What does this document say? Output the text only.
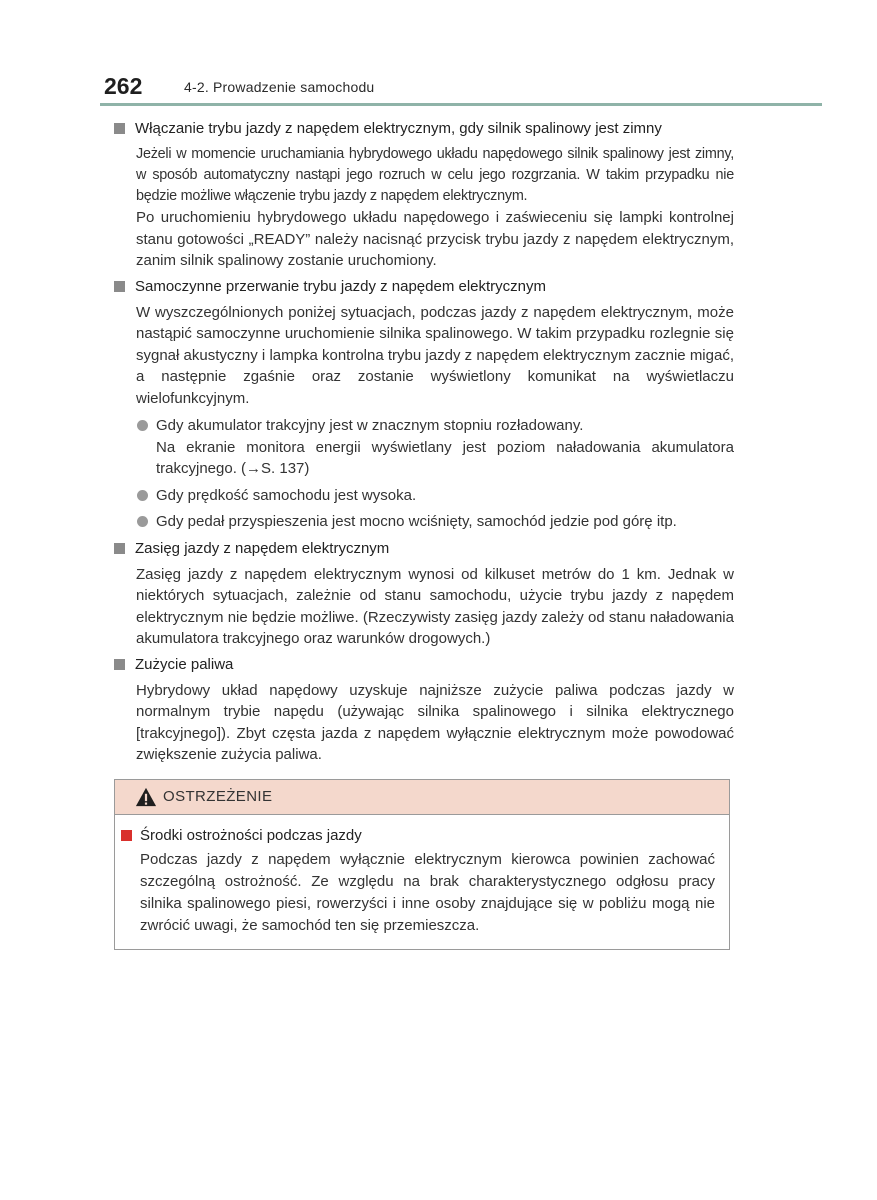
262	4-2. Prowadzenie samochodu
Włączanie trybu jazdy z napędem elektrycznym, gdy silnik spalinowy jest zimny

Jeżeli w momencie uruchamiania hybrydowego układu napędowego silnik spalinowy jest zimny, w sposób automatyczny nastąpi jego rozruch w celu jego rozgrzania. W takim przypadku nie będzie możliwe włączenie trybu jazdy z napędem elektrycznym.

Po uruchomieniu hybrydowego układu napędowego i zaświeceniu się lampki kontrolnej stanu gotowości „READY” należy nacisnąć przycisk trybu jazdy z napędem elektrycznym, zanim silnik spalinowy zostanie uruchomiony.

Samoczynne przerwanie trybu jazdy z napędem elektrycznym

W wyszczególnionych poniżej sytuacjach, podczas jazdy z napędem elektrycznym, może nastąpić samoczynne uruchomienie silnika spalinowego. W takim przypadku rozlegnie się sygnał akustyczny i lampka kontrolna trybu jazdy z napędem elektrycznym zacznie migać, a następnie zgaśnie oraz zostanie wyświetlony komunikat na wyświetlaczu wielofunkcyjnym.

Gdy akumulator trakcyjny jest w znacznym stopniu rozładowany.
Na ekranie monitora energii wyświetlany jest poziom naładowania akumulatora trakcyjnego. (→S. 137)
Gdy prędkość samochodu jest wysoka.
Gdy pedał przyspieszenia jest mocno wciśnięty, samochód jedzie pod górę itp.
Zasięg jazdy z napędem elektrycznym

Zasięg jazdy z napędem elektrycznym wynosi od kilkuset metrów do 1 km. Jednak w niektórych sytuacjach, zależnie od stanu samochodu, użycie trybu jazdy z napędem elektrycznym nie będzie możliwe. (Rzeczywisty zasięg jazdy zależy od stanu naładowania akumulatora trakcyjnego oraz warunków drogowych.)

Zużycie paliwa

Hybrydowy układ napędowy uzyskuje najniższe zużycie paliwa podczas jazdy w normalnym trybie napędu (używając silnika spalinowego i silnika elektrycznego [trakcyjnego]). Zbyt częsta jazda z napędem wyłącznie elektrycznym może powodować zwiększenie zużycia paliwa.

OSTRZEŻENIE
Środki ostrożności podczas jazdy

Podczas jazdy z napędem wyłącznie elektrycznym kierowca powinien zachować szczególną ostrożność. Ze względu na brak charakterystycznego odgłosu pracy silnika spalinowego piesi, rowerzyści i inne osoby znajdujące się w pobliżu mogą nie zwrócić uwagi, że samochód ten się przemieszcza.
